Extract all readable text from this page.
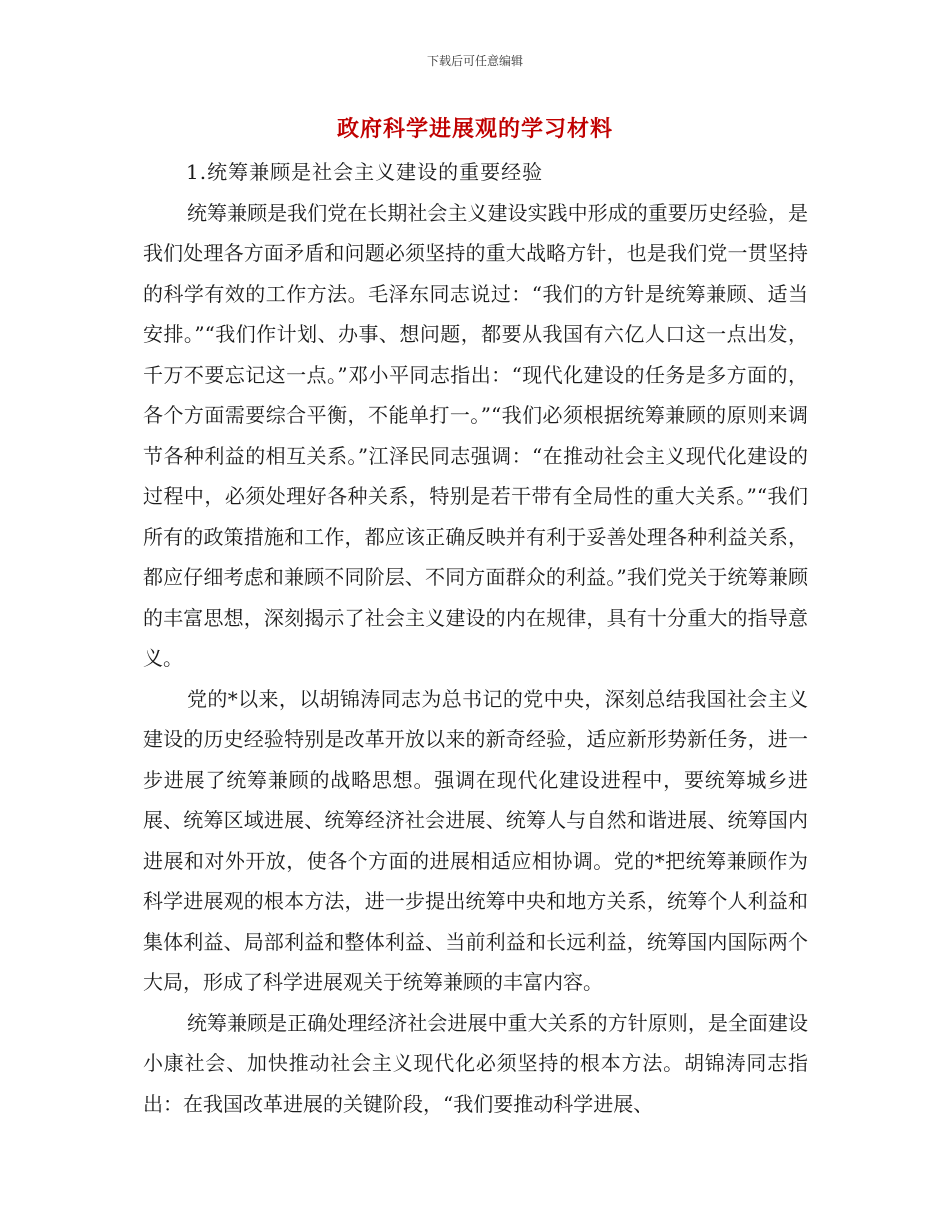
下载后可任意编辑
政府科学进展观的学习材料

1.统筹兼顾是社会主义建设的重要经验

统筹兼顾是我们党在长期社会主义建设实践中形成的重要历史经验，是我们处理各方面矛盾和问题必须坚持的重大战略方针，也是我们党一贯坚持的科学有效的工作方法。毛泽东同志说过：“我们的方针是统筹兼顾、适当安排。”“我们作计划、办事、想问题，都要从我国有六亿人口这一点出发，千万不要忘记这一点。”邓小平同志指出：“现代化建设的任务是多方面的，各个方面需要综合平衡，不能单打一。”“我们必须根据统筹兼顾的原则来调节各种利益的相互关系。”江泽民同志强调：“在推动社会主义现代化建设的过程中，必须处理好各种关系，特别是若干带有全局性的重大关系。”“我们所有的政策措施和工作，都应该正确反映并有利于妥善处理各种利益关系，都应仔细考虑和兼顾不同阶层、不同方面群众的利益。”我们党关于统筹兼顾的丰富思想，深刻揭示了社会主义建设的内在规律，具有十分重大的指导意义。

党的*以来，以胡锦涛同志为总书记的党中央，深刻总结我国社会主义建设的历史经验特别是改革开放以来的新奇经验，适应新形势新任务，进一步进展了统筹兼顾的战略思想。强调在现代化建设进程中，要统筹城乡进展、统筹区域进展、统筹经济社会进展、统筹人与自然和谐进展、统筹国内进展和对外开放，使各个方面的进展相适应相协调。党的*把统筹兼顾作为科学进展观的根本方法，进一步提出统筹中央和地方关系，统筹个人利益和集体利益、局部利益和整体利益、当前利益和长远利益，统筹国内国际两个大局，形成了科学进展观关于统筹兼顾的丰富内容。

统筹兼顾是正确处理经济社会进展中重大关系的方针原则，是全面建设小康社会、加快推动社会主义现代化必须坚持的根本方法。胡锦涛同志指出：在我国改革进展的关键阶段，“我们要推动科学进展、
